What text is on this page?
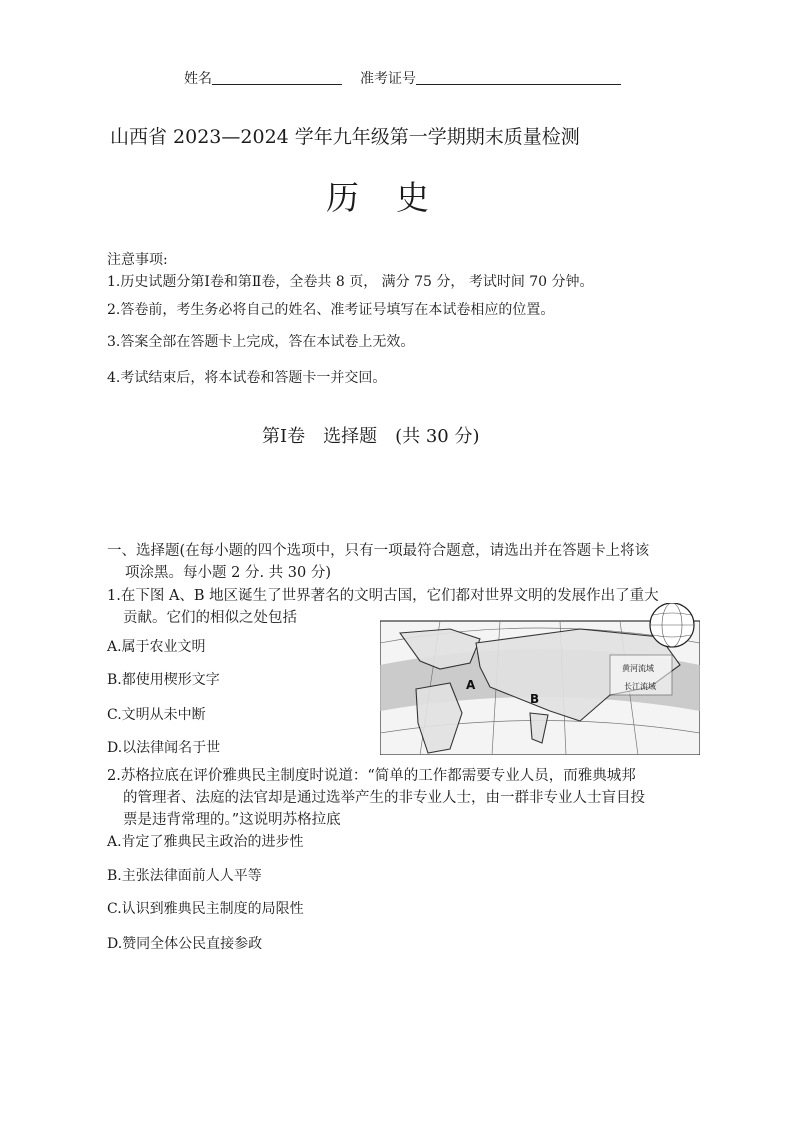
姓名	准考证号
山西省 2023—2024 学年九年级第一学期期末质量检测
历　史
注意事项:
1.历史试题分第Ⅰ卷和第Ⅱ卷，全卷共 8 页， 满分 75 分， 考试时间 70 分钟。
2.答卷前，考生务必将自己的姓名、准考证号填写在本试卷相应的位置。
3.答案全部在答题卡上完成，答在本试卷上无效。
4.考试结束后，将本试卷和答题卡一并交回。
第Ⅰ卷　选择题　(共 30 分)
一、选择题(在每小题的四个选项中，只有一项最符合题意，请选出并在答题卡上将该
项涂黑。每小题 2 分. 共 30 分)
1.在下图 A、B 地区诞生了世界著名的文明古国，它们都对世界文明的发展作出了重大
贡献。它们的相似之处包括
A.属于农业文明
B.都使用楔形文字
C.文明从未中断
D.以法律闻名于世
黄河流域
长江流域
A
B
2.苏格拉底在评价雅典民主制度时说道：“简单的工作都需要专业人员，而雅典城邦
的管理者、法庭的法官却是通过选举产生的非专业人士，由一群非专业人士盲目投
票是违背常理的。”这说明苏格拉底
A.肯定了雅典民主政治的进步性
B.主张法律面前人人平等
C.认识到雅典民主制度的局限性
D.赞同全体公民直接参政
